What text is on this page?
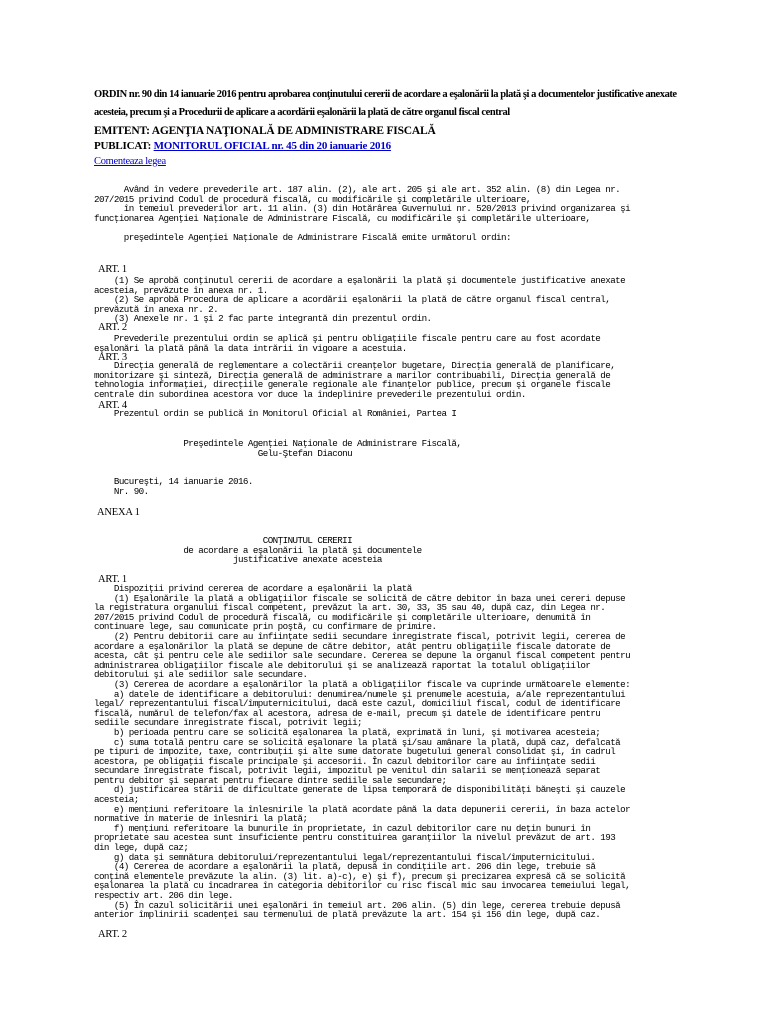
ORDIN nr. 90 din 14 ianuarie 2016 pentru aprobarea conţinutului cererii de acordare a eşalonării la plată şi a documentelor justificative anexate
acesteia, precum şi a Procedurii de aplicare a acordării eşalonării la plată de către organul fiscal central
EMITENT: AGENŢIA NAŢIONALĂ DE ADMINISTRARE FISCALĂ
PUBLICAT: MONITORUL OFICIAL nr. 45 din 20 ianuarie 2016
Comenteaza legea
Având în vedere prevederile art. 187 alin. (2), ale art. 205 şi ale art. 352 alin. (8) din Legea nr.
207/2015 privind Codul de procedură fiscală, cu modificările şi completările ulterioare,
în temeiul prevederilor art. 11 alin. (3) din Hotărârea Guvernului nr. 520/2013 privind organizarea şi
funcţionarea Agenţiei Naţionale de Administrare Fiscală, cu modificările şi completările ulterioare,

preşedintele Agenţiei Naţionale de Administrare Fiscală emite următorul ordin:
ART. 1
(1) Se aprobă conţinutul cererii de acordare a eşalonării la plată şi documentele justificative anexate
acesteia, prevăzute în anexa nr. 1.
(2) Se aprobă Procedura de aplicare a acordării eşalonării la plată de către organul fiscal central,
prevăzută în anexa nr. 2.
(3) Anexele nr. 1 şi 2 fac parte integrantă din prezentul ordin.
ART. 2
Prevederile prezentului ordin se aplică şi pentru obligaţiile fiscale pentru care au fost acordate
eşalonări la plată până la data intrării în vigoare a acestuia.
ART. 3
Direcţia generală de reglementare a colectării creanţelor bugetare, Direcţia generală de planificare,
monitorizare şi sinteză, Direcţia generală de administrare a marilor contribuabili, Direcţia generală de
tehnologia informaţiei, direcţiile generale regionale ale finanţelor publice, precum şi organele fiscale
centrale din subordinea acestora vor duce la îndeplinire prevederile prezentului ordin.
ART. 4
Prezentul ordin se publică în Monitorul Oficial al României, Partea I
Preşedintele Agenţiei Naţionale de Administrare Fiscală,
Gelu-Ştefan Diaconu

Bucureşti, 14 ianuarie 2016.
Nr. 90.
ANEXA 1
CONŢINUTUL CERERII
de acordare a eşalonării la plată şi documentele
justificative anexate acesteia
ART. 1
Dispoziţii privind cererea de acordare a eşalonării la plată
(1) Eşalonările la plată a obligaţiilor fiscale se solicită de către debitor în baza unei cereri depuse
la registratura organului fiscal competent, prevăzut la art. 30, 33, 35 sau 40, după caz, din Legea nr.
207/2015 privind Codul de procedură fiscală, cu modificările şi completările ulterioare, denumită în
continuare lege, sau comunicate prin poştă, cu confirmare de primire.
(2) Pentru debitorii care au înfiinţate sedii secundare înregistrate fiscal, potrivit legii, cererea de
acordare a eşalonărilor la plată se depune de către debitor, atât pentru obligaţiile fiscale datorate de
acesta, cât şi pentru cele ale sediilor sale secundare. Cererea se depune la organul fiscal competent pentru
administrarea obligaţiilor fiscale ale debitorului şi se analizează raportat la totalul obligaţiilor
debitorului şi ale sediilor sale secundare.
(3) Cererea de acordare a eşalonărilor la plată a obligaţiilor fiscale va cuprinde următoarele elemente:
a) datele de identificare a debitorului: denumirea/numele şi prenumele acestuia, a/ale reprezentantului
legal/ reprezentantului fiscal/împuternicitului, dacă este cazul, domiciliul fiscal, codul de identificare
fiscală, numărul de telefon/fax al acestora, adresa de e-mail, precum şi datele de identificare pentru
sediile secundare înregistrate fiscal, potrivit legii;
b) perioada pentru care se solicită eşalonarea la plată, exprimată în luni, şi motivarea acesteia;
c) suma totală pentru care se solicită eşalonare la plată şi/sau amânare la plată, după caz, defalcată
pe tipuri de impozite, taxe, contribuţii şi alte sume datorate bugetului general consolidat şi, în cadrul
acestora, pe obligaţii fiscale principale şi accesorii. În cazul debitorilor care au înfiinţate sedii
secundare înregistrate fiscal, potrivit legii, impozitul pe venitul din salarii se menţionează separat
pentru debitor şi separat pentru fiecare dintre sediile sale secundare;
d) justificarea stării de dificultate generate de lipsa temporară de disponibilităţi băneşti şi cauzele
acesteia;
e) menţiuni referitoare la înlesnirile la plată acordate până la data depunerii cererii, în baza actelor
normative în materie de înlesniri la plată;
f) menţiuni referitoare la bunurile în proprietate, în cazul debitorilor care nu deţin bunuri în
proprietate sau acestea sunt insuficiente pentru constituirea garanţiilor la nivelul prevăzut de art. 193
din lege, după caz;
g) data şi semnătura debitorului/reprezentantului legal/reprezentantului fiscal/împuternicitului.
(4) Cererea de acordare a eşalonării la plată, depusă în condiţiile art. 206 din lege, trebuie să
conţină elementele prevăzute la alin. (3) lit. a)-c), e) şi f), precum şi precizarea expresă că se solicită
eşalonarea la plată cu încadrarea în categoria debitorilor cu risc fiscal mic sau invocarea temeiului legal,
respectiv art. 206 din lege.
(5) În cazul solicitării unei eşalonări în temeiul art. 206 alin. (5) din lege, cererea trebuie depusă
anterior împlinirii scadenţei sau termenului de plată prevăzute la art. 154 şi 156 din lege, după caz.
ART. 2
